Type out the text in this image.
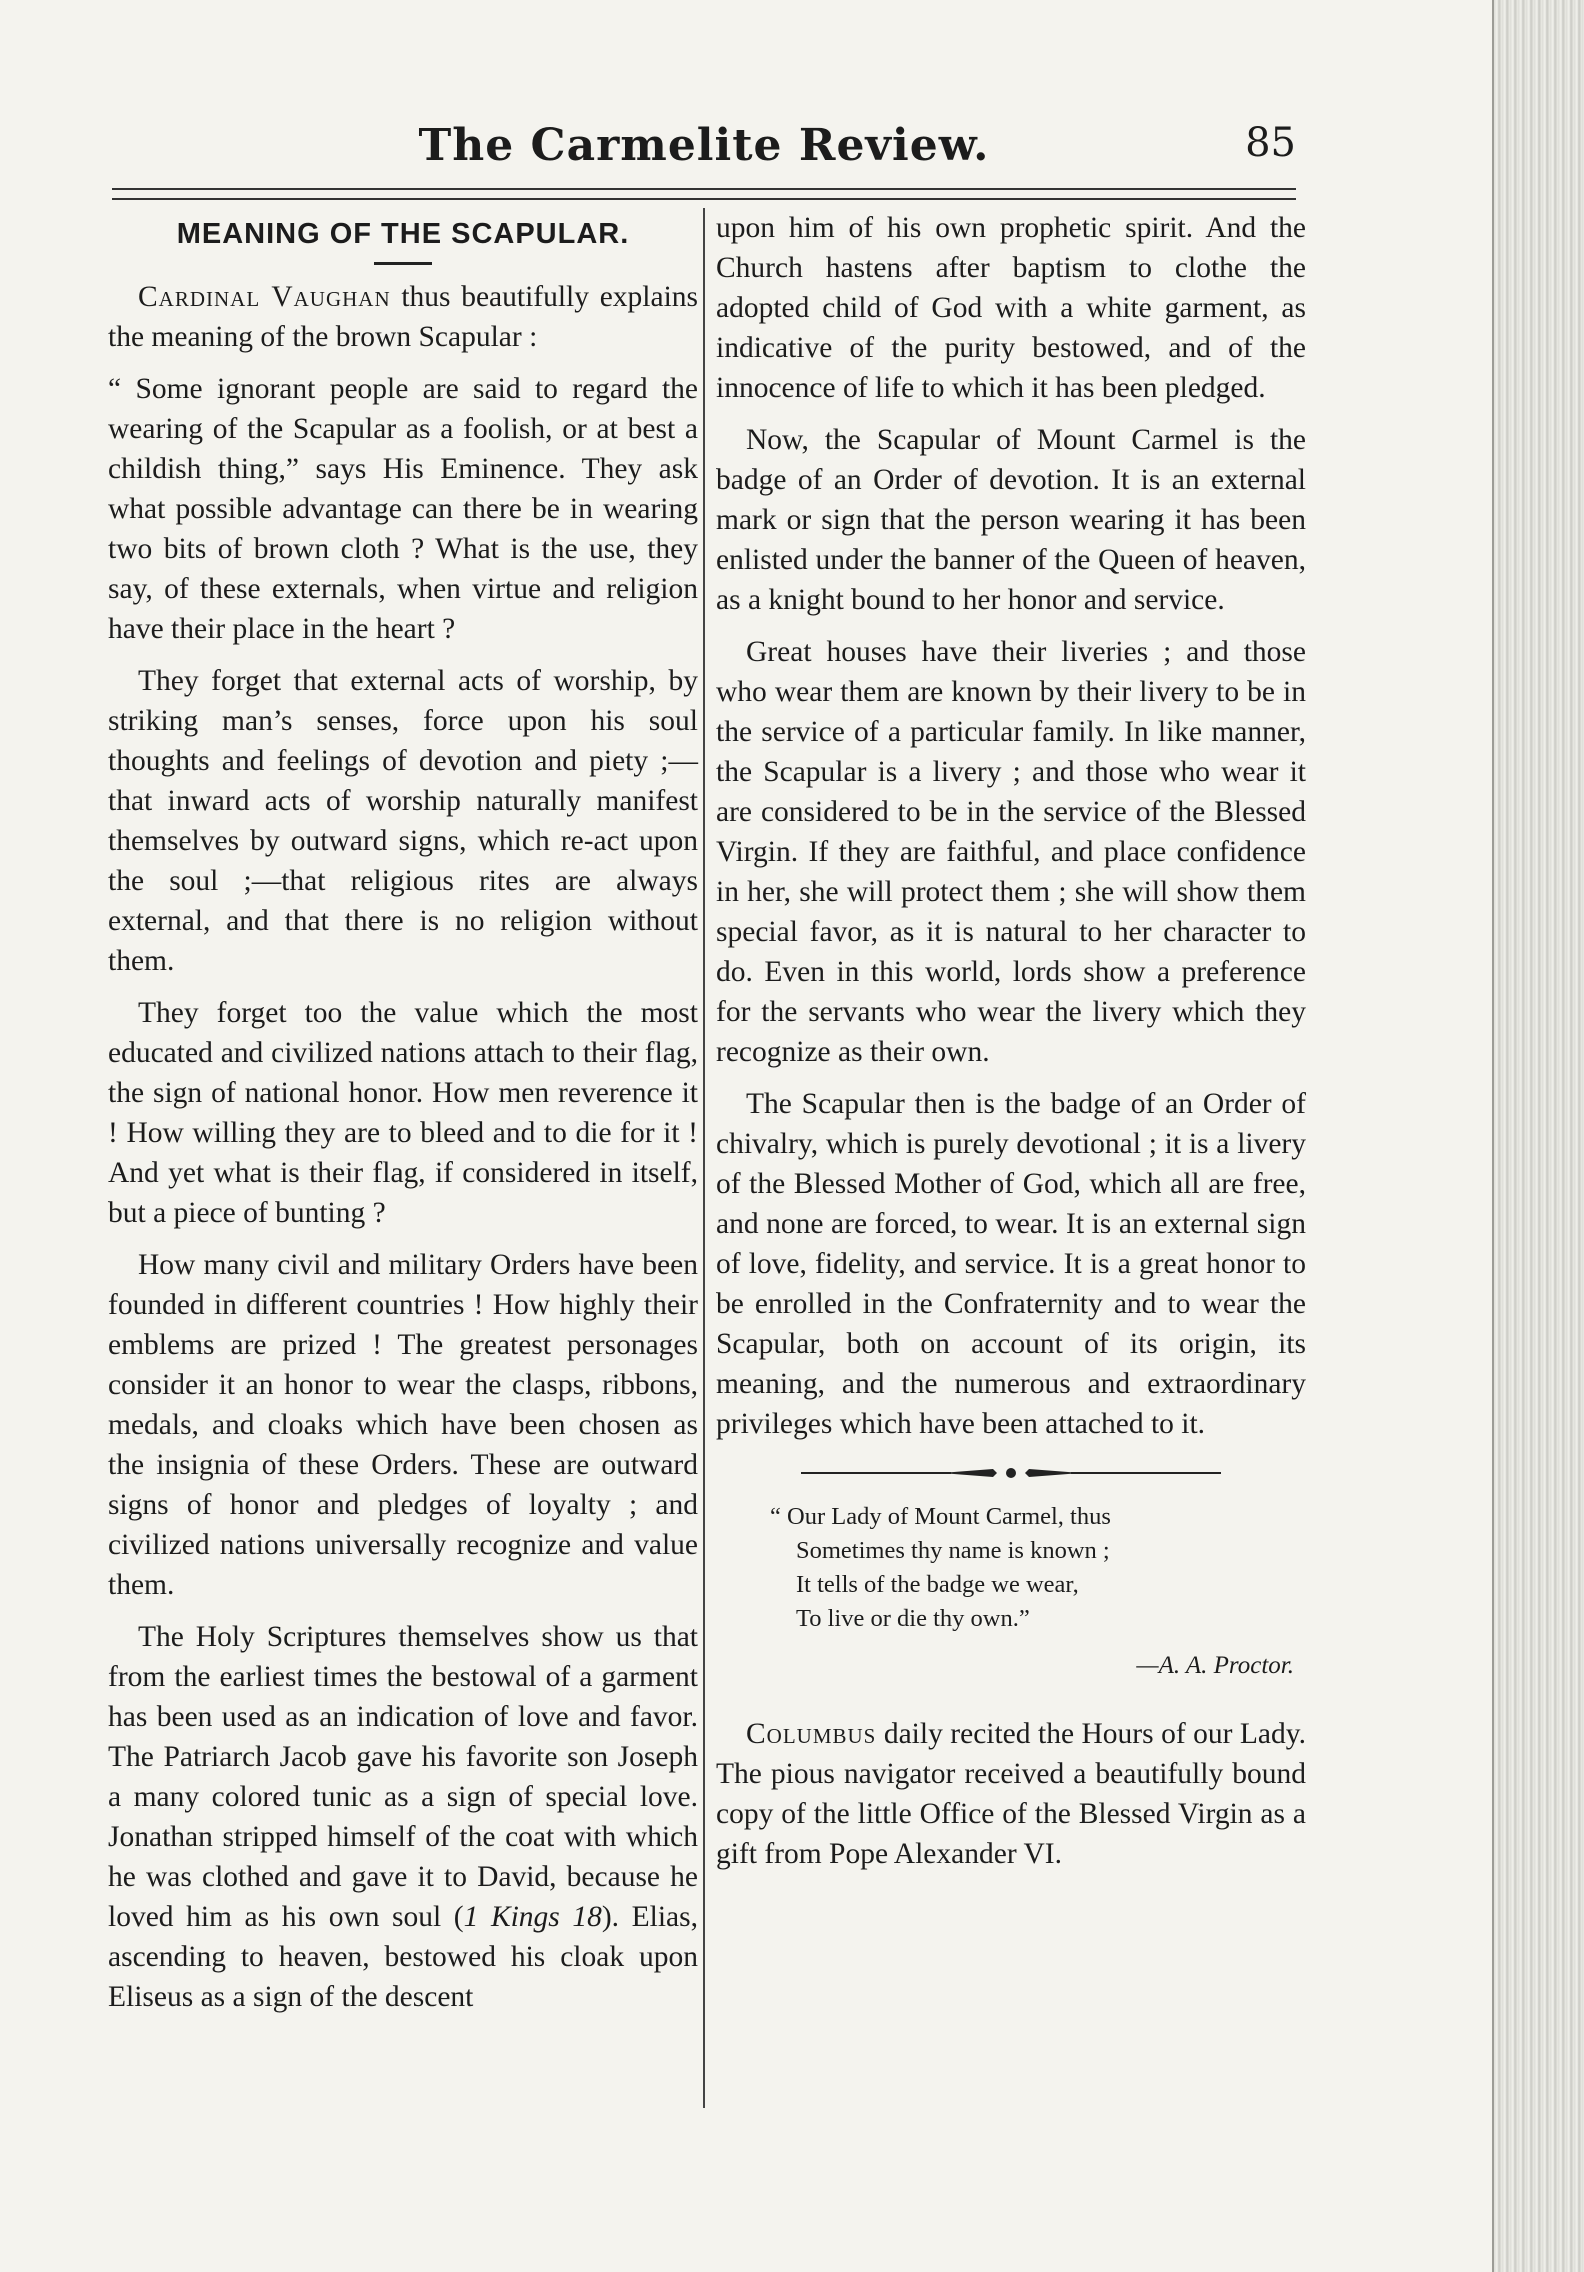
The Carmelite Review.	85
MEANING OF THE SCAPULAR.

Cardinal Vaughan thus beautifully explains the meaning of the brown Scapular :

“ Some ignorant people are said to regard the wearing of the Scapular as a foolish, or at best a childish thing,” says His Eminence. They ask what possible advantage can there be in wearing two bits of brown cloth ? What is the use, they say, of these externals, when virtue and religion have their place in the heart ?

They forget that external acts of worship, by striking man’s senses, force upon his soul thoughts and feelings of devotion and piety ;—that inward acts of worship naturally manifest themselves by outward signs, which re-act upon the soul ;—that religious rites are always external, and that there is no religion without them.

They forget too the value which the most educated and civilized nations attach to their flag, the sign of national honor. How men reverence it ! How willing they are to bleed and to die for it ! And yet what is their flag, if considered in itself, but a piece of bunting ?

How many civil and military Orders have been founded in different countries ! How highly their emblems are prized ! The greatest personages consider it an honor to wear the clasps, ribbons, medals, and cloaks which have been chosen as the insignia of these Orders. These are outward signs of honor and pledges of loyalty ; and civilized nations universally recognize and value them.

The Holy Scriptures themselves show us that from the earliest times the bestowal of a garment has been used as an indication of love and favor. The Patriarch Jacob gave his favorite son Joseph a many colored tunic as a sign of special love. Jonathan stripped himself of the coat with which he was clothed and gave it to David, because he loved him as his own soul (1 Kings 18). Elias, ascending to heaven, bestowed his cloak upon Eliseus as a sign of the descent

upon him of his own prophetic spirit. And the Church hastens after baptism to clothe the adopted child of God with a white garment, as indicative of the purity bestowed, and of the innocence of life to which it has been pledged.

Now, the Scapular of Mount Carmel is the badge of an Order of devotion. It is an external mark or sign that the person wearing it has been enlisted under the banner of the Queen of heaven, as a knight bound to her honor and service.

Great houses have their liveries ; and those who wear them are known by their livery to be in the service of a particular family. In like manner, the Scapular is a livery ; and those who wear it are considered to be in the service of the Blessed Virgin. If they are faithful, and place confidence in her, she will protect them ; she will show them special favor, as it is natural to her character to do. Even in this world, lords show a preference for the servants who wear the livery which they recognize as their own.

The Scapular then is the badge of an Order of chivalry, which is purely devotional ; it is a livery of the Blessed Mother of God, which all are free, and none are forced, to wear. It is an external sign of love, fidelity, and service. It is a great honor to be enrolled in the Confraternity and to wear the Scapular, both on account of its origin, its meaning, and the numerous and extraordinary privileges which have been attached to it.

“ Our Lady of Mount Carmel, thus
Sometimes thy name is known ;
It tells of the badge we wear,
To live or die thy own.”
—A. A. Proctor.

Columbus daily recited the Hours of our Lady. The pious navigator received a beautifully bound copy of the little Office of the Blessed Virgin as a gift from Pope Alexander VI.
